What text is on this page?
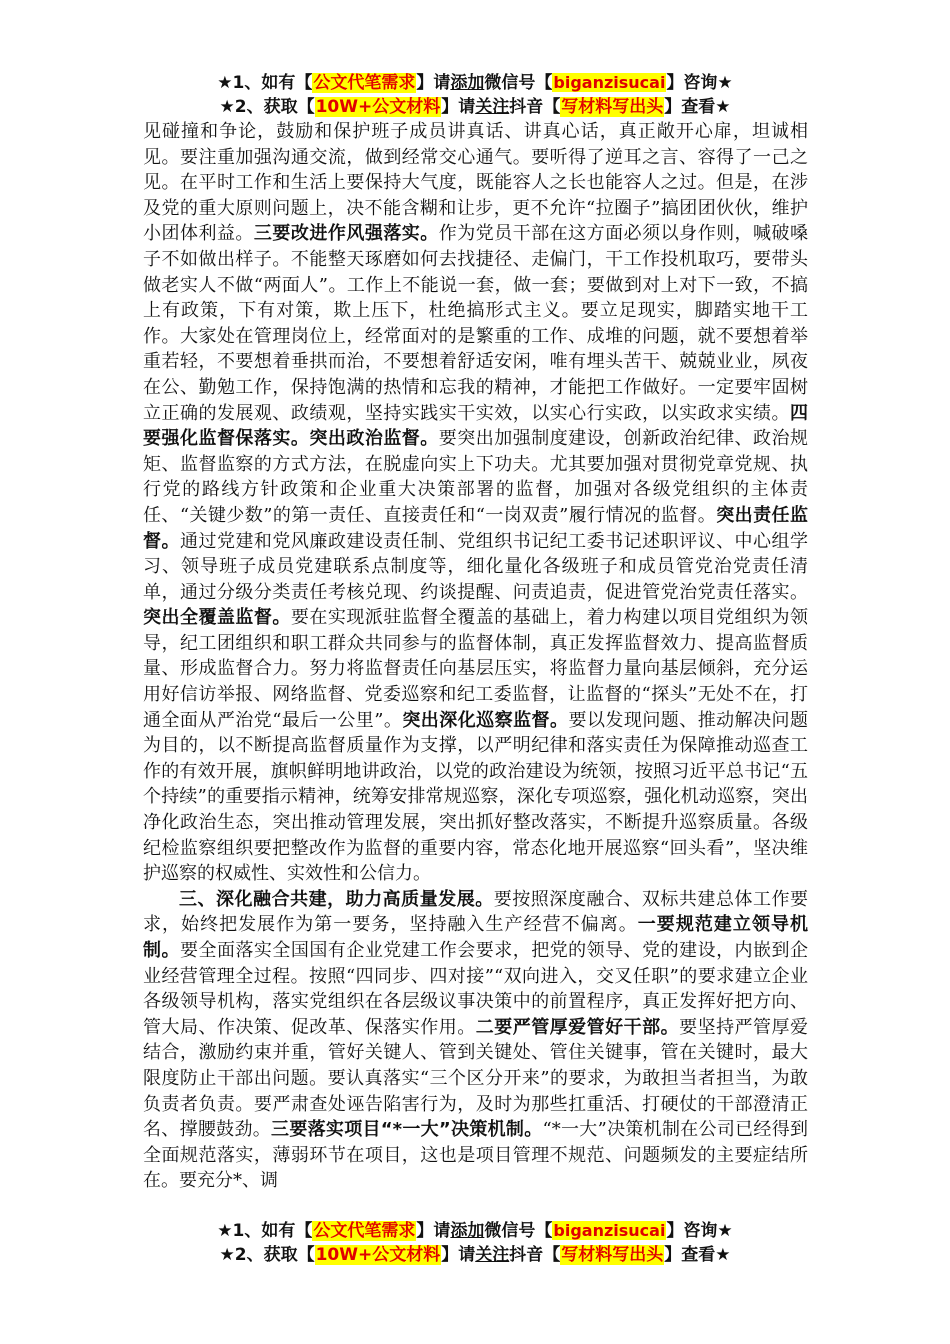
★1、如有【公文代笔需求】请添加微信号【biganzisucai】咨询★
★2、获取【10W+公文材料】请关注抖音【写材料写出头】查看★

见碰撞和争论，鼓励和保护班子成员讲真话、讲真心话，真正敞开心扉，坦诚相见。要注重加强沟通交流，做到经常交心通气。要听得了逆耳之言、容得了一己之见。在平时工作和生活上要保持大气度，既能容人之长也能容人之过。但是，在涉及党的重大原则问题上，决不能含糊和让步，更不允许“拉圈子”搞团团伙伙，维护小团体利益。三要改进作风强落实。作为党员干部在这方面必须以身作则，喊破嗓子不如做出样子。不能整天琢磨如何去找捷径、走偏门，干工作投机取巧，要带头做老实人不做“两面人”。工作上不能说一套，做一套；要做到对上对下一致，不搞上有政策，下有对策，欺上压下，杜绝搞形式主义。要立足现实，脚踏实地干工作。大家处在管理岗位上，经常面对的是繁重的工作、成堆的问题，就不要想着举重若轻，不要想着垂拱而治，不要想着舒适安闲，唯有埋头苦干、兢兢业业，夙夜在公、勤勉工作，保持饱满的热情和忘我的精神，才能把工作做好。一定要牢固树立正确的发展观、政绩观，坚持实践实干实效，以实心行实政，以实政求实绩。四要强化监督保落实。突出政治监督。要突出加强制度建设，创新政治纪律、政治规矩、监督监察的方式方法，在脱虚向实上下功夫。尤其要加强对贯彻党章党规、执行党的路线方针政策和企业重大决策部署的监督，加强对各级党组织的主体责任、“关键少数”的第一责任、直接责任和“一岗双责”履行情况的监督。突出责任监督。通过党建和党风廉政建设责任制、党组织书记纪工委书记述职评议、中心组学习、领导班子成员党建联系点制度等，细化量化各级班子和成员管党治党责任清单，通过分级分类责任考核兑现、约谈提醒、问责追责，促进管党治党责任落实。突出全覆盖监督。要在实现派驻监督全覆盖的基础上，着力构建以项目党组织为领导，纪工团组织和职工群众共同参与的监督体制，真正发挥监督效力、提高监督质量、形成监督合力。努力将监督责任向基层压实，将监督力量向基层倾斜，充分运用好信访举报、网络监督、党委巡察和纪工委监督，让监督的“探头”无处不在，打通全面从严治党“最后一公里”。突出深化巡察监督。要以发现问题、推动解决问题为目的，以不断提高监督质量作为支撑，以严明纪律和落实责任为保障推动巡查工作的有效开展，旗帜鲜明地讲政治，以党的政治建设为统领，按照习近平总书记“五个持续”的重要指示精神，统筹安排常规巡察，深化专项巡察，强化机动巡察，突出净化政治生态，突出推动管理发展，突出抓好整改落实，不断提升巡察质量。各级纪检监察组织要把整改作为监督的重要内容，常态化地开展巡察“回头看”，坚决维护巡察的权威性、实效性和公信力。

三、深化融合共建，助力高质量发展。要按照深度融合、双标共建总体工作要求，始终把发展作为第一要务，坚持融入生产经营不偏离。一要规范建立领导机制。要全面落实全国国有企业党建工作会要求，把党的领导、党的建设，内嵌到企业经营管理全过程。按照“四同步、四对接”“双向进入，交叉任职”的要求建立企业各级领导机构，落实党组织在各层级议事决策中的前置程序，真正发挥好把方向、管大局、作决策、促改革、保落实作用。二要严管厚爱管好干部。要坚持严管厚爱结合，激励约束并重，管好关键人、管到关键处、管住关键事，管在关键时，最大限度防止干部出问题。要认真落实“三个区分开来”的要求，为敢担当者担当，为敢负责者负责。要严肃查处诬告陷害行为，及时为那些扛重活、打硬仗的干部澄清正名、撑腰鼓劲。三要落实项目“*一大”决策机制。“*一大”决策机制在公司已经得到全面规范落实，薄弱环节在项目，这也是项目管理不规范、问题频发的主要症结所在。要充分*、调

★1、如有【公文代笔需求】请添加微信号【biganzisucai】咨询★
★2、获取【10W+公文材料】请关注抖音【写材料写出头】查看★
